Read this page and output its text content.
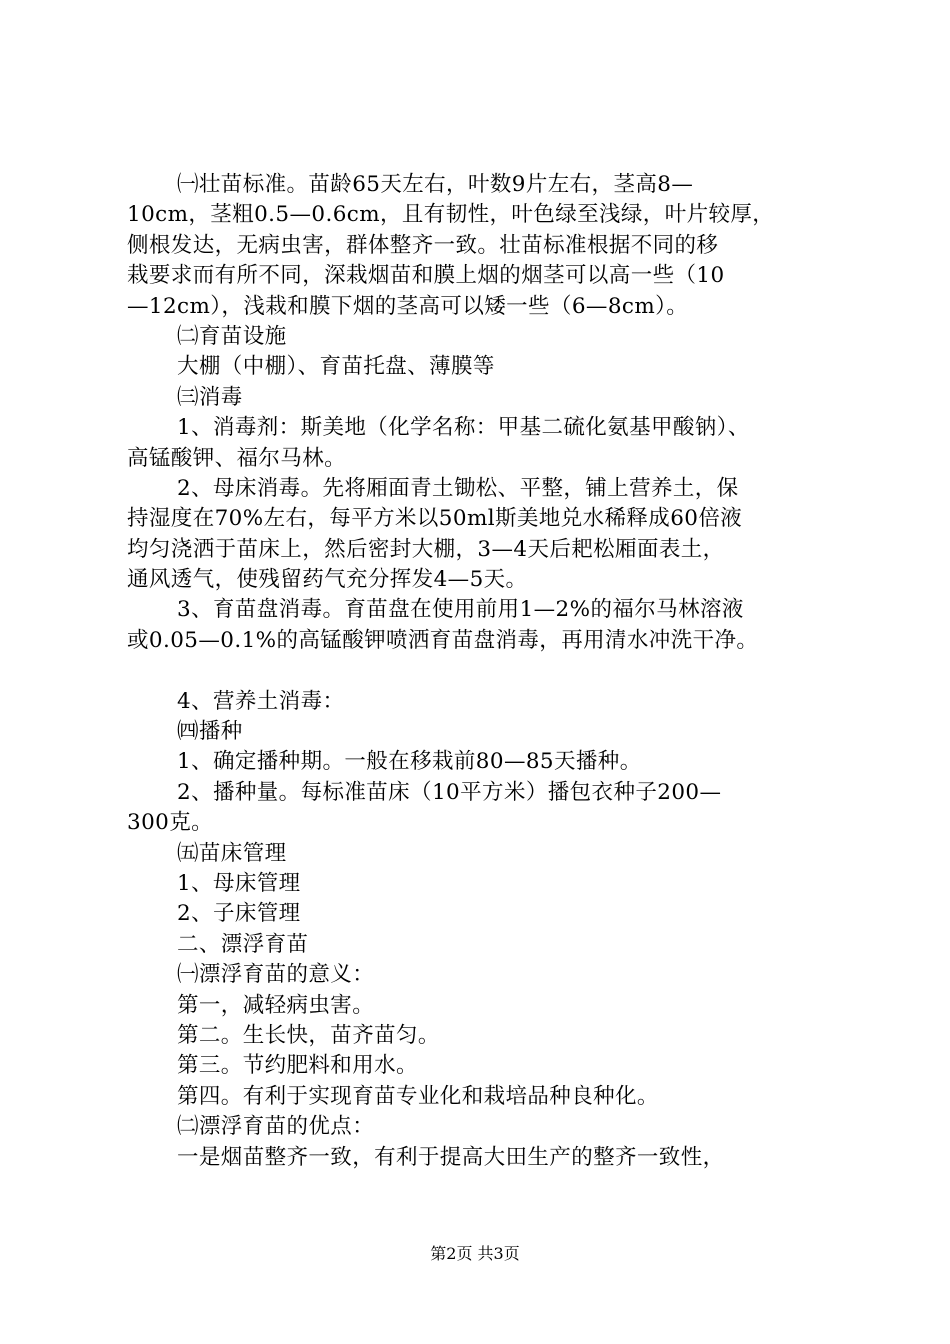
㈠壮苗标准。苗龄65天左右，叶数9片左右，茎高8—
10cm，茎粗0.5—0.6cm，且有韧性，叶色绿至浅绿，叶片较厚，
侧根发达，无病虫害，群体整齐一致。壮苗标准根据不同的移
栽要求而有所不同，深栽烟苗和膜上烟的烟茎可以高一些（10
—12cm），浅栽和膜下烟的茎高可以矮一些（6—8cm）。
㈡育苗设施
大棚（中棚）、育苗托盘、薄膜等
㈢消毒
1、消毒剂：斯美地（化学名称：甲基二硫化氨基甲酸钠）、
高锰酸钾、福尔马林。
2、母床消毒。先将厢面青土锄松、平整，铺上营养土，保
持湿度在70%左右，每平方米以50ml斯美地兑水稀释成60倍液
均匀浇洒于苗床上，然后密封大棚，3—4天后耙松厢面表土，
通风透气，使残留药气充分挥发4—5天。
3、育苗盘消毒。育苗盘在使用前用1—2%的福尔马林溶液
或0.05—0.1%的高锰酸钾喷洒育苗盘消毒，再用清水冲洗干净。
4、营养土消毒：
㈣播种
1、确定播种期。一般在移栽前80—85天播种。
2、播种量。每标准苗床（10平方米）播包衣种子200—
300克。
㈤苗床管理
1、母床管理
2、子床管理
二、漂浮育苗
㈠漂浮育苗的意义：
第一，减轻病虫害。
第二。生长快，苗齐苗匀。
第三。节约肥料和用水。
第四。有利于实现育苗专业化和栽培品种良种化。
㈡漂浮育苗的优点：
一是烟苗整齐一致，有利于提高大田生产的整齐一致性，
第2页 共3页
